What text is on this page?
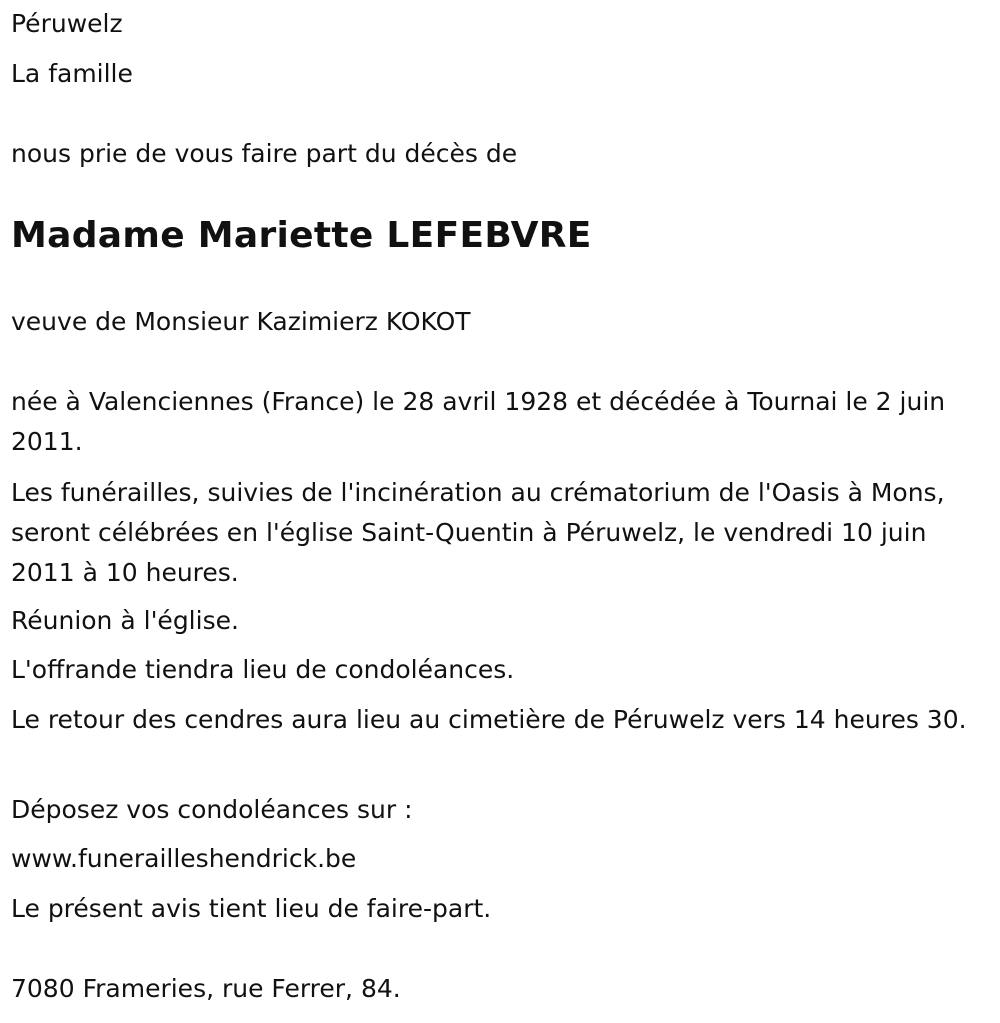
Péruwelz

La famille

nous prie de vous faire part du décès de

Madame Mariette LEFEBVRE

veuve de Monsieur Kazimierz KOKOT

née à Valenciennes (France) le 28 avril 1928 et décédée à Tournai le 2 juin 2011.

Les funérailles, suivies de l'incinération au crématorium de l'Oasis à Mons, seront célébrées en l'église Saint-Quentin à Péruwelz, le vendredi 10 juin 2011 à 10 heures.

Réunion à l'église.

L'offrande tiendra lieu de condoléances.

Le retour des cendres aura lieu au cimetière de Péruwelz vers 14 heures 30.

Déposez vos condoléances sur :

www.funerailleshendrick.be

Le présent avis tient lieu de faire-part.

7080 Frameries, rue Ferrer, 84.
